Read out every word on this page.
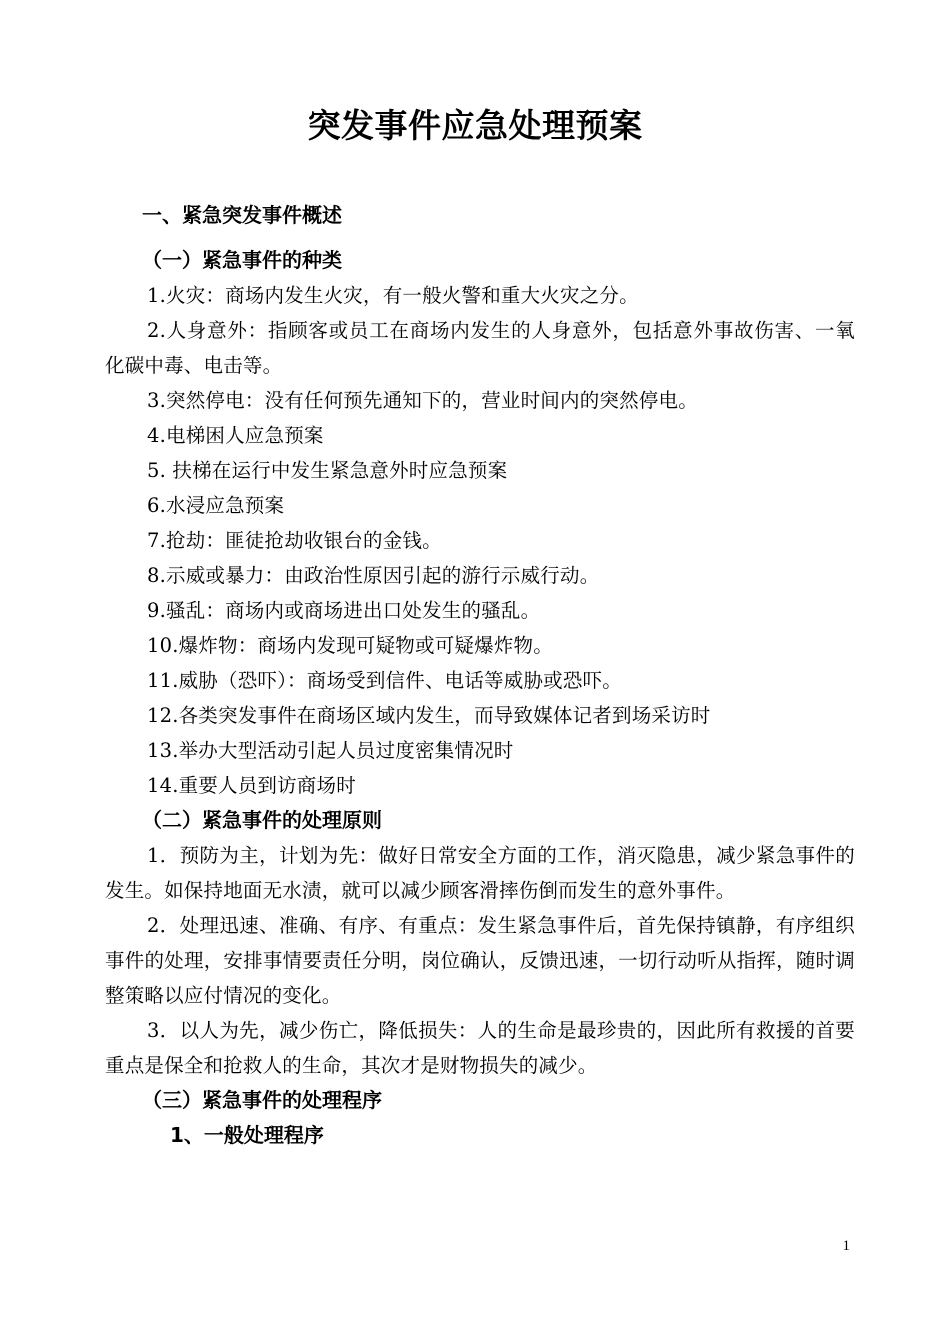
突发事件应急处理预案
一、紧急突发事件概述
（一）紧急事件的种类
1.火灾：商场内发生火灾，有一般火警和重大火灾之分。
2.人身意外：指顾客或员工在商场内发生的人身意外，包括意外事故伤害、一氧化碳中毒、电击等。
3.突然停电：没有任何预先通知下的，营业时间内的突然停电。
4.电梯困人应急预案
5. 扶梯在运行中发生紧急意外时应急预案
6.水浸应急预案
7.抢劫：匪徒抢劫收银台的金钱。
8.示威或暴力：由政治性原因引起的游行示威行动。
9.骚乱：商场内或商场进出口处发生的骚乱。
10.爆炸物：商场内发现可疑物或可疑爆炸物。
11.威胁（恐吓）：商场受到信件、电话等威胁或恐吓。
12.各类突发事件在商场区域内发生，而导致媒体记者到场采访时
13.举办大型活动引起人员过度密集情况时
14.重要人员到访商场时
（二）紧急事件的处理原则
1．预防为主，计划为先：做好日常安全方面的工作，消灭隐患，减少紧急事件的发生。如保持地面无水渍，就可以减少顾客滑摔伤倒而发生的意外事件。
2．处理迅速、准确、有序、有重点：发生紧急事件后，首先保持镇静，有序组织事件的处理，安排事情要责任分明，岗位确认，反馈迅速，一切行动听从指挥，随时调整策略以应付情况的变化。
3．以人为先，减少伤亡，降低损失：人的生命是最珍贵的，因此所有救援的首要重点是保全和抢救人的生命，其次才是财物损失的减少。
（三）紧急事件的处理程序
1、一般处理程序
1
